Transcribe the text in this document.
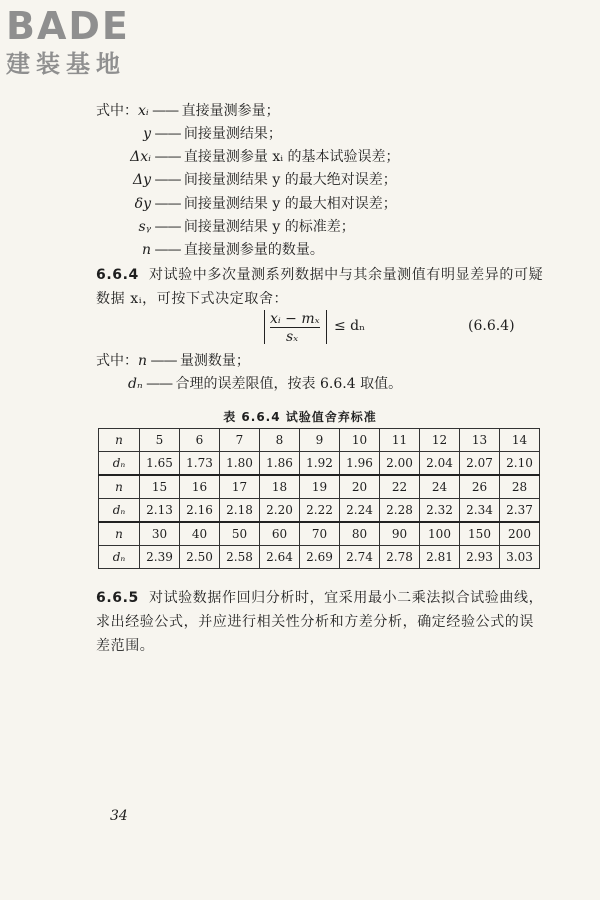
BADE
建装基地
式中：xᵢ —— 直接量测参量；
y —— 间接量测结果；
Δxᵢ —— 直接量测参量 xᵢ 的基本试验误差；
Δy —— 间接量测结果 y 的最大绝对误差；
δy —— 间接量测结果 y 的最大相对误差；
sᵧ —— 间接量测结果 y 的标准差；
n —— 直接量测参量的数量。
6.6.4 对试验中多次量测系列数据中与其余量测值有明显差异的可疑数据 xᵢ，可按下式决定取舍：
xᵢ − mₓ
sₓ
≤ dₙ	(6.6.4)
式中：n —— 量测数量；
dₙ —— 合理的误差限值，按表 6.6.4 取值。
表 6.6.4 试验值舍弃标准
n	5	6	7	8	9	10	11	12	13	14
dₙ	1.65	1.73	1.80	1.86	1.92	1.96	2.00	2.04	2.07	2.10
n	15	16	17	18	19	20	22	24	26	28
dₙ	2.13	2.16	2.18	2.20	2.22	2.24	2.28	2.32	2.34	2.37
n	30	40	50	60	70	80	90	100	150	200
dₙ	2.39	2.50	2.58	2.64	2.69	2.74	2.78	2.81	2.93	3.03
6.6.5 对试验数据作回归分析时，宜采用最小二乘法拟合试验曲线，求出经验公式，并应进行相关性分析和方差分析，确定经验公式的误差范围。
34
